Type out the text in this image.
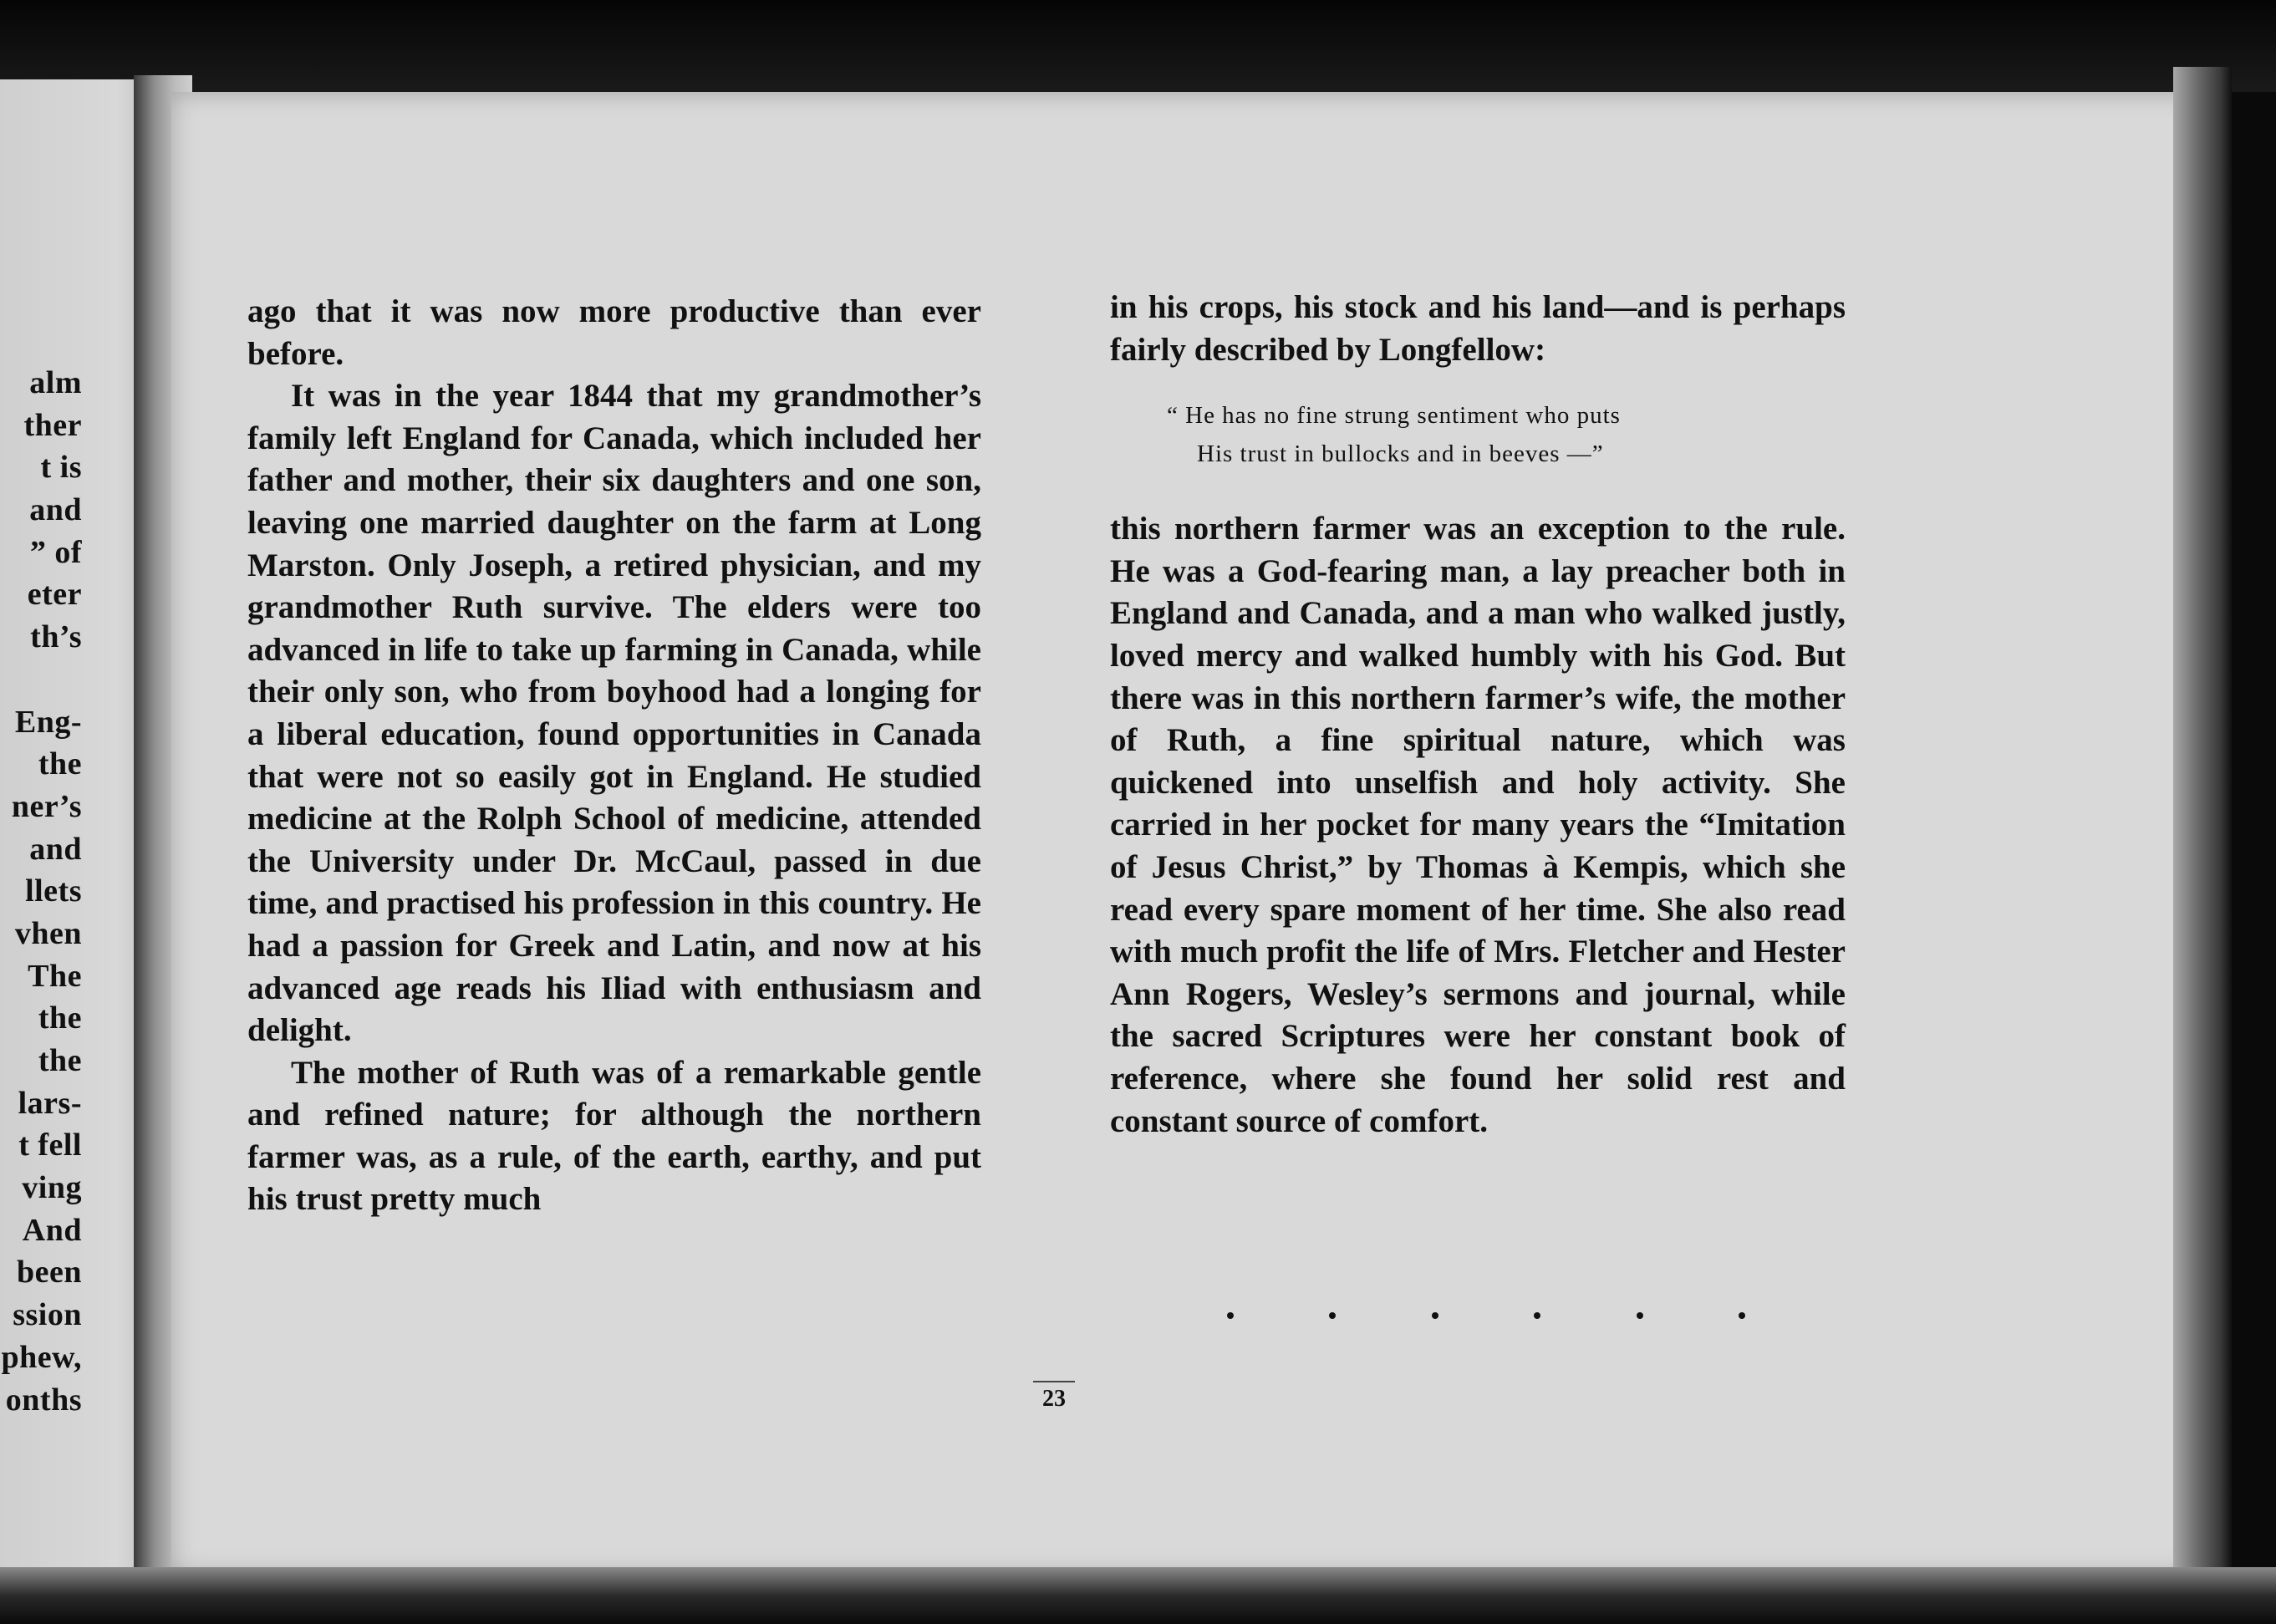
alm
ther
t is
and
” of
eter
th’s
Eng-
the
ner’s
and
llets
vhen
The
the
the
lars-
t fell
ving
And
been
ssion
phew,
onths

ago that it was now more productive than ever before.

It was in the year 1844 that my grandmother’s family left England for Canada, which included her father and mother, their six daughters and one son, leaving one married daughter on the farm at Long Marston. Only Joseph, a retired physician, and my grandmother Ruth survive. The elders were too advanced in life to take up farming in Canada, while their only son, who from boyhood had a longing for a liberal education, found opportunities in Canada that were not so easily got in England. He studied medicine at the Rolph School of medicine, attended the University under Dr. McCaul, passed in due time, and practised his profession in this country. He had a passion for Greek and Latin, and now at his advanced age reads his Iliad with enthusiasm and delight.

The mother of Ruth was of a remarkable gentle and refined nature; for although the northern farmer was, as a rule, of the earth, earthy, and put his trust pretty much

in his crops, his stock and his land—and is perhaps fairly described by Longfellow:

“ He has no fine strung sentiment who puts
His trust in bullocks and in beeves —”

this northern farmer was an exception to the rule. He was a God-fearing man, a lay preacher both in England and Canada, and a man who walked justly, loved mercy and walked humbly with his God. But there was in this northern farmer’s wife, the mother of Ruth, a fine spiritual nature, which was quickened into unselfish and holy activity. She carried in her pocket for many years the “Imitation of Jesus Christ,” by Thomas à Kempis, which she read every spare moment of her time. She also read with much profit the life of Mrs. Fletcher and Hester Ann Rogers, Wesley’s sermons and journal, while the sacred Scriptures were her constant book of reference, where she found her solid rest and constant source of comfort.

23
